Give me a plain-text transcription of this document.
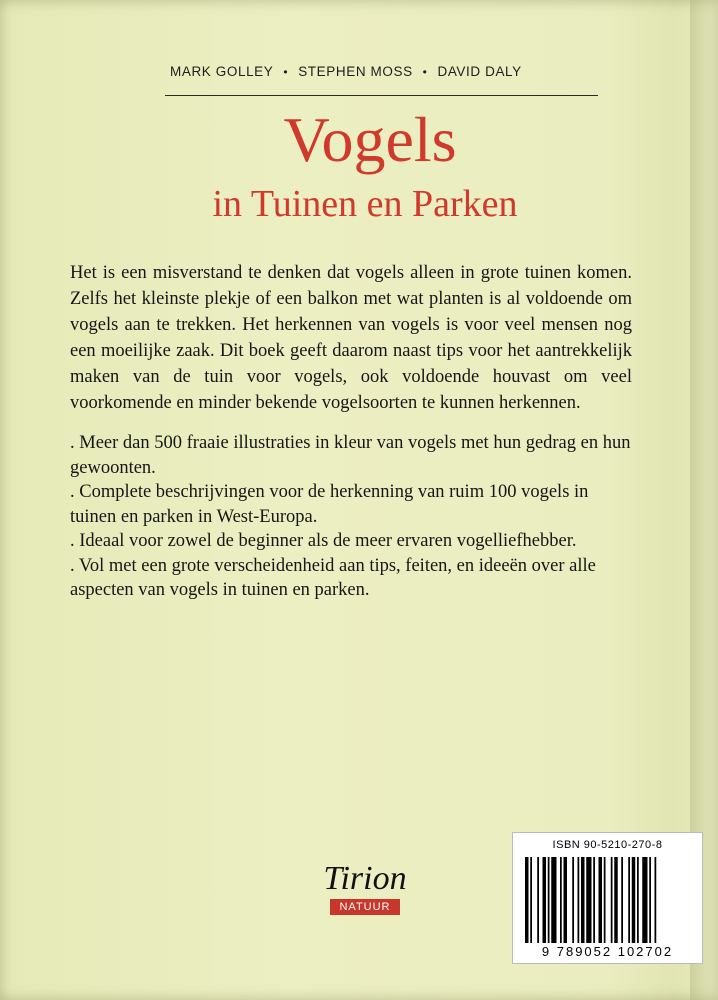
MARK GOLLEY • STEPHEN MOSS • DAVID DALY
Vogels
in Tuinen en Parken
Het is een misverstand te denken dat vogels alleen in grote tuinen komen. Zelfs het kleinste plekje of een balkon met wat planten is al voldoende om vogels aan te trekken. Het herkennen van vogels is voor veel mensen nog een moeilijke zaak. Dit boek geeft daarom naast tips voor het aantrekkelijk maken van de tuin voor vogels, ook voldoende houvast om veel voorkomende en minder bekende vogelsoorten te kunnen herkennen.
. Meer dan 500 fraaie illustraties in kleur van vogels met hun gedrag en hun gewoonten.
. Complete beschrijvingen voor de herkenning van ruim 100 vogels in tuinen en parken in West-Europa.
. Ideaal voor zowel de beginner als de meer ervaren vogelliefhebber.
. Vol met een grote verscheidenheid aan tips, feiten, en ideeën over alle aspecten van vogels in tuinen en parken.
Tirion
NATUUR
ISBN 90-5210-270-8
9 789052 102702
